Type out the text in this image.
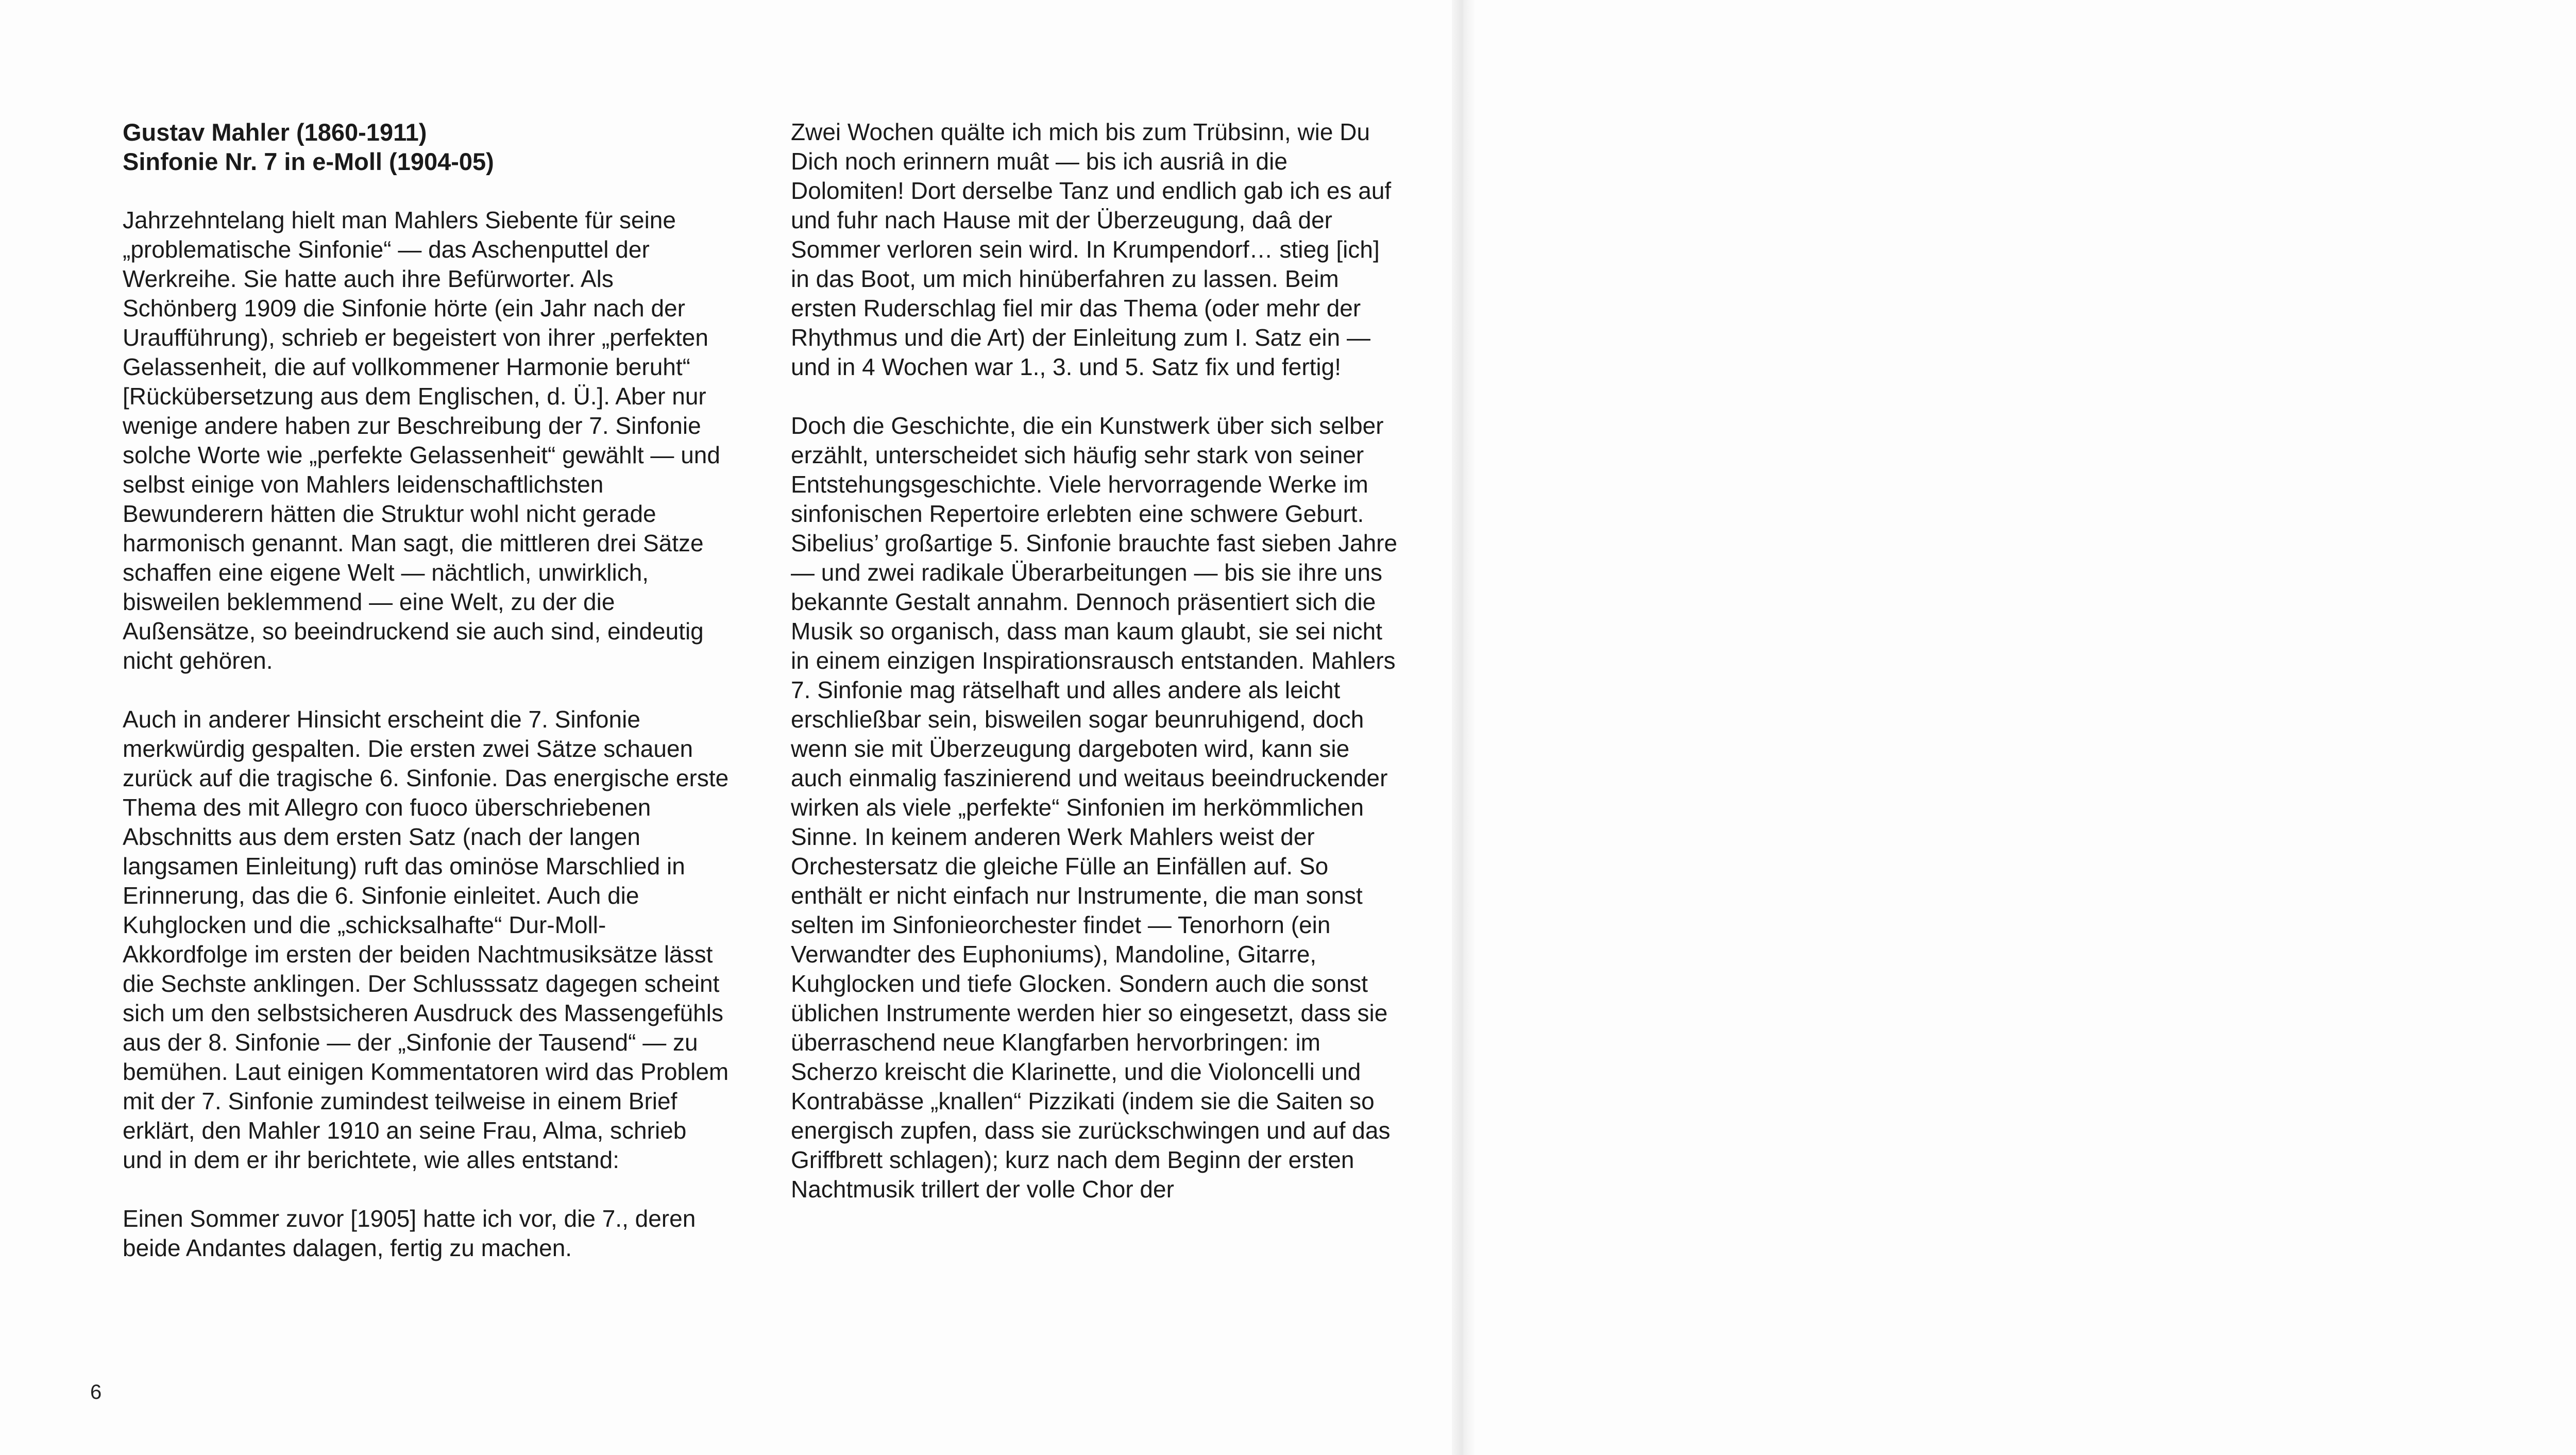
Gustav Mahler (1860-1911)
Sinfonie Nr. 7 in e-Moll (1904-05)

Jahrzehntelang hielt man Mahlers Siebente für seine „problematische Sinfonie“ — das Aschenputtel der Werkreihe. Sie hatte auch ihre Befürworter. Als Schönberg 1909 die Sinfonie hörte (ein Jahr nach der Uraufführung), schrieb er begeistert von ihrer „perfekten Gelassenheit, die auf vollkommener Harmonie beruht“ [Rückübersetzung aus dem Englischen, d. Ü.]. Aber nur wenige andere haben zur Beschreibung der 7. Sinfonie solche Worte wie „perfekte Gelassenheit“ gewählt — und selbst einige von Mahlers leidenschaftlichsten Bewunderern hätten die Struktur wohl nicht gerade harmonisch genannt. Man sagt, die mittleren drei Sätze schaffen eine eigene Welt — nächtlich, unwirklich, bisweilen beklemmend — eine Welt, zu der die Außensätze, so beeindruckend sie auch sind, eindeutig nicht gehören.

Auch in anderer Hinsicht erscheint die 7. Sinfonie merkwürdig gespalten. Die ersten zwei Sätze schauen zurück auf die tragische 6. Sinfonie. Das energische erste Thema des mit Allegro con fuoco überschriebenen Abschnitts aus dem ersten Satz (nach der langen langsamen Einleitung) ruft das ominöse Marschlied in Erinnerung, das die 6. Sinfonie einleitet. Auch die Kuhglocken und die „schicksalhafte“ Dur-Moll-Akkordfolge im ersten der beiden Nachtmusiksätze lässt die Sechste anklingen. Der Schlusssatz dagegen scheint sich um den selbstsicheren Ausdruck des Massengefühls aus der 8. Sinfonie — der „Sinfonie der Tausend“ — zu bemühen. Laut einigen Kommentatoren wird das Problem mit der 7. Sinfonie zumindest teilweise in einem Brief erklärt, den Mahler 1910 an seine Frau, Alma, schrieb und in dem er ihr berichtete, wie alles entstand:

Einen Sommer zuvor [1905] hatte ich vor, die 7., deren beide Andantes dalagen, fertig zu machen.

Zwei Wochen quälte ich mich bis zum Trübsinn, wie Du Dich noch erinnern muât — bis ich ausriâ in die Dolomiten! Dort derselbe Tanz und endlich gab ich es auf und fuhr nach Hause mit der Überzeugung, daâ der Sommer verloren sein wird. In Krumpendorf… stieg [ich] in das Boot, um mich hinüberfahren zu lassen. Beim ersten Ruderschlag fiel mir das Thema (oder mehr der Rhythmus und die Art) der Einleitung zum I. Satz ein — und in 4 Wochen war 1., 3. und 5. Satz fix und fertig!

Doch die Geschichte, die ein Kunstwerk über sich selber erzählt, unterscheidet sich häufig sehr stark von seiner Entstehungsgeschichte. Viele hervorragende Werke im sinfonischen Repertoire erlebten eine schwere Geburt. Sibelius’ großartige 5. Sinfonie brauchte fast sieben Jahre — und zwei radikale Überarbeitungen — bis sie ihre uns bekannte Gestalt annahm. Dennoch präsentiert sich die Musik so organisch, dass man kaum glaubt, sie sei nicht in einem einzigen Inspirationsrausch entstanden. Mahlers 7. Sinfonie mag rätselhaft und alles andere als leicht erschließbar sein, bisweilen sogar beunruhigend, doch wenn sie mit Überzeugung dargeboten wird, kann sie auch einmalig faszinierend und weitaus beeindruckender wirken als viele „perfekte“ Sinfonien im herkömmlichen Sinne. In keinem anderen Werk Mahlers weist der Orchestersatz die gleiche Fülle an Einfällen auf. So enthält er nicht einfach nur Instrumente, die man sonst selten im Sinfonieorchester findet — Tenorhorn (ein Verwandter des Euphoniums), Mandoline, Gitarre, Kuhglocken und tiefe Glocken. Sondern auch die sonst üblichen Instrumente werden hier so eingesetzt, dass sie überraschend neue Klangfarben hervorbringen: im Scherzo kreischt die Klarinette, und die Violoncelli und Kontrabässe „knallen“ Pizzikati (indem sie die Saiten so energisch zupfen, dass sie zurückschwingen und auf das Griffbrett schlagen); kurz nach dem Beginn der ersten Nachtmusik trillert der volle Chor der

6
